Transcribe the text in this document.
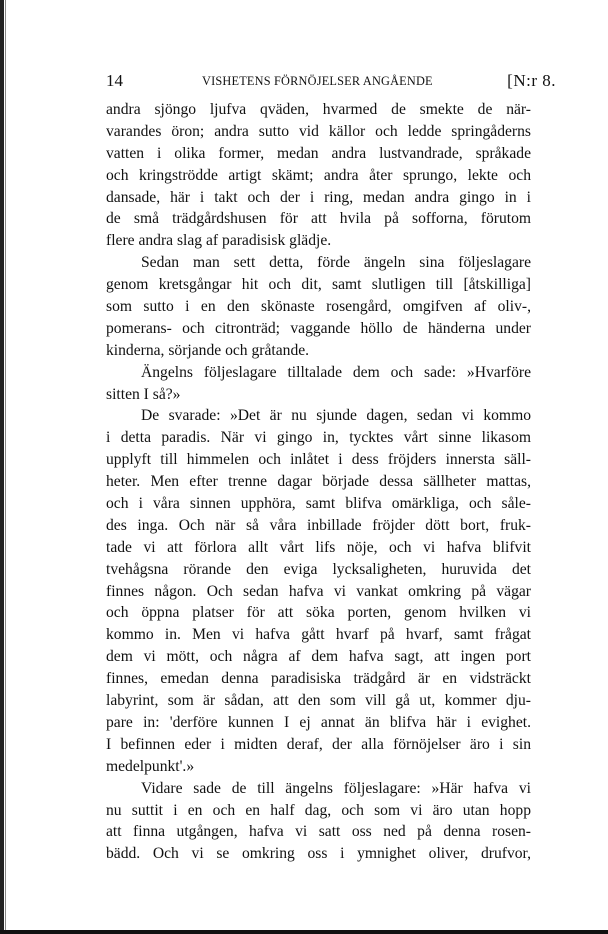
14	VISHETENS FÖRNÖJELSER ANGÅENDE	[N:r 8.
andra sjöngo ljufva qväden, hvarmed de smekte de när-
varandes öron; andra sutto vid källor och ledde springåderns
vatten i olika former, medan andra lustvandrade, språkade
och kringströdde artigt skämt; andra åter sprungo, lekte och
dansade, här i takt och der i ring, medan andra gingo in i
de små trädgårdshusen för att hvila på sofforna, förutom
flere andra slag af paradisisk glädje.
Sedan man sett detta, förde ängeln sina följeslagare
genom kretsgångar hit och dit, samt slutligen till [åtskilliga]
som sutto i en den skönaste rosengård, omgifven af oliv-,
pomerans- och citronträd; vaggande höllo de händerna under
kinderna, sörjande och gråtande.
Ängelns följeslagare tilltalade dem och sade: »Hvarföre
sitten I så?»
De svarade: »Det är nu sjunde dagen, sedan vi kommo
i detta paradis. När vi gingo in, tycktes vårt sinne likasom
upplyft till himmelen och inlåtet i dess fröjders innersta säll-
heter. Men efter trenne dagar började dessa sällheter mattas,
och i våra sinnen upphöra, samt blifva omärkliga, och såle-
des inga. Och när så våra inbillade fröjder dött bort, fruk-
tade vi att förlora allt vårt lifs nöje, och vi hafva blifvit
tvehågsna rörande den eviga lycksaligheten, huruvida det
finnes någon. Och sedan hafva vi vankat omkring på vägar
och öppna platser för att söka porten, genom hvilken vi
kommo in. Men vi hafva gått hvarf på hvarf, samt frågat
dem vi mött, och några af dem hafva sagt, att ingen port
finnes, emedan denna paradisiska trädgård är en vidsträckt
labyrint, som är sådan, att den som vill gå ut, kommer dju-
pare in: 'derföre kunnen I ej annat än blifva här i evighet.
I befinnen eder i midten deraf, der alla förnöjelser äro i sin
medelpunkt'.»
Vidare sade de till ängelns följeslagare: »Här hafva vi
nu suttit i en och en half dag, och som vi äro utan hopp
att finna utgången, hafva vi satt oss ned på denna rosen-
bädd. Och vi se omkring oss i ymnighet oliver, drufvor,
